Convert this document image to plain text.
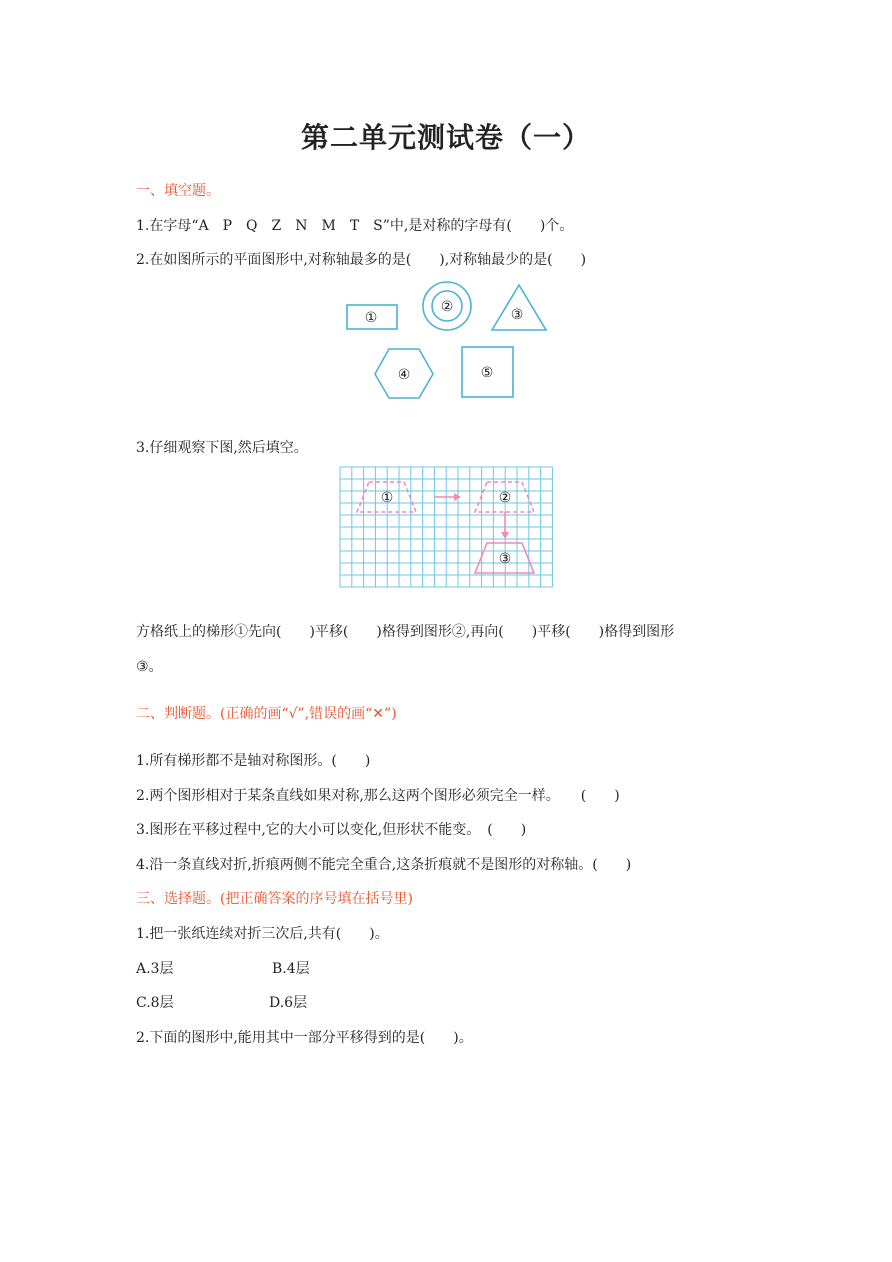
第二单元测试卷（一）
一、填空题。
1.在字母“A　P　Q　Z　N　M　T　S”中,是对称的字母有(　　)个。
2.在如图所示的平面图形中,对称轴最多的是(　　),对称轴最少的是(　　)
①
②	③
④	⑤
3.仔细观察下图,然后填空。
①	②
③
方格纸上的梯形①先向(　　)平移(　　)格得到图形②,再向(　　)平移(　　)格得到图形
③。
二、判断题。(正确的画“√”,错误的画“✕”)
1.所有梯形都不是轴对称图形。(　　)
2.两个图形相对于某条直线如果对称,那么这两个图形必须完全一样。　　(　　)
3.图形在平移过程中,它的大小可以变化,但形状不能变。　(　　)
4.沿一条直线对折,折痕两侧不能完全重合,这条折痕就不是图形的对称轴。(　　)
三、选择题。(把正确答案的序号填在括号里)
1.把一张纸连续对折三次后,共有(　　)。
A.3层	B.4层
C.8层	D.6层
2.下面的图形中,能用其中一部分平移得到的是(　　)。
